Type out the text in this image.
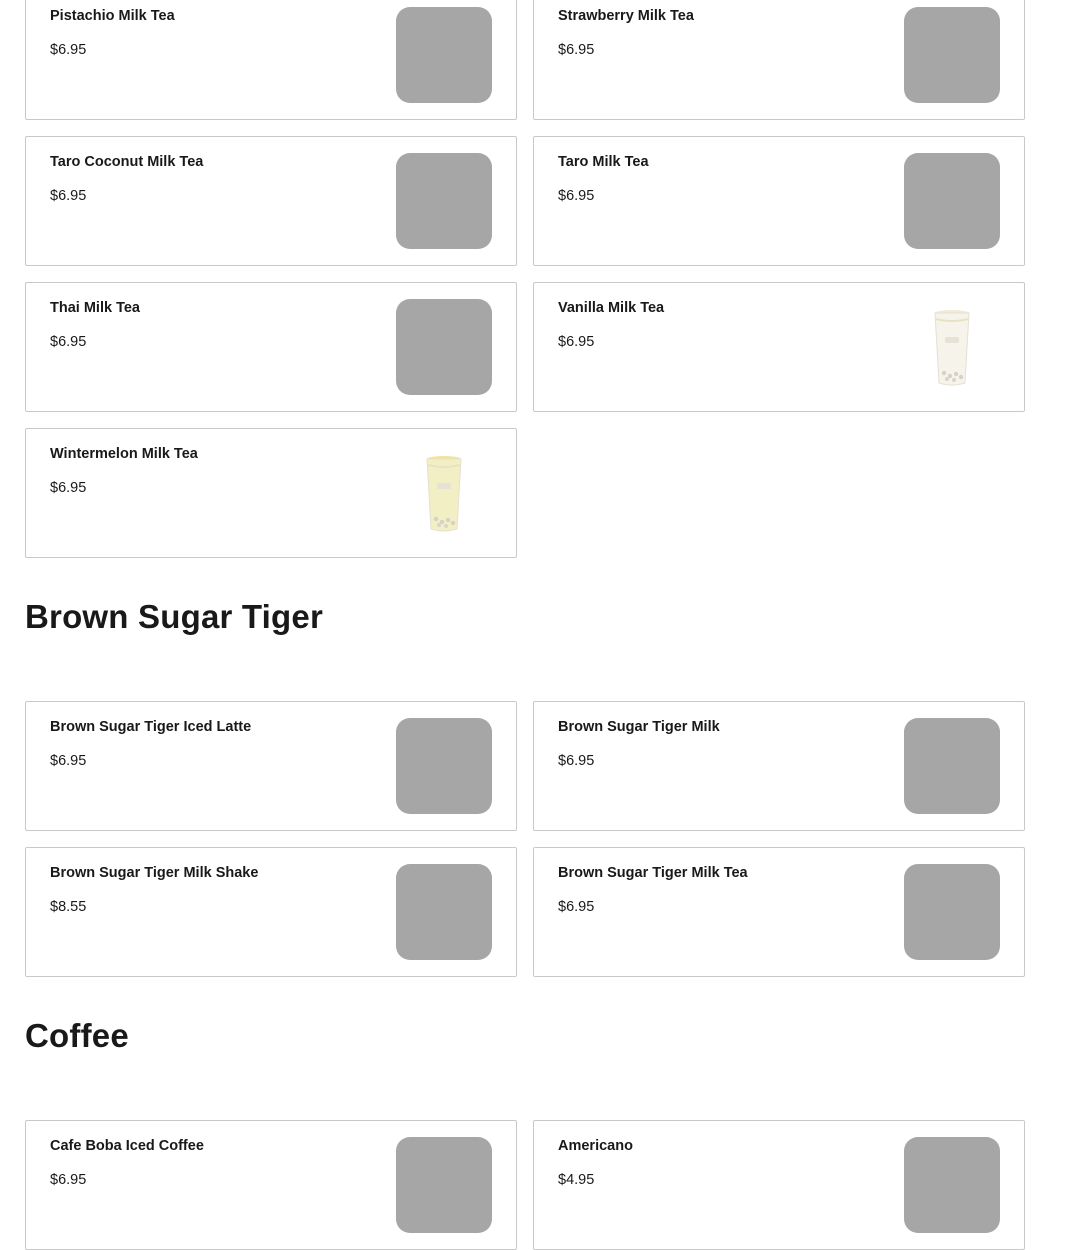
Pistachio Milk Tea
$6.95
Strawberry Milk Tea
$6.95
Taro Coconut Milk Tea
$6.95
Taro Milk Tea
$6.95
Thai Milk Tea
$6.95
Vanilla Milk Tea
$6.95
Wintermelon Milk Tea
$6.95
Brown Sugar Tiger
Brown Sugar Tiger Iced Latte
$6.95
Brown Sugar Tiger Milk
$6.95
Brown Sugar Tiger Milk Shake
$8.55
Brown Sugar Tiger Milk Tea
$6.95
Coffee
Cafe Boba Iced Coffee
$6.95
Americano
$4.95
